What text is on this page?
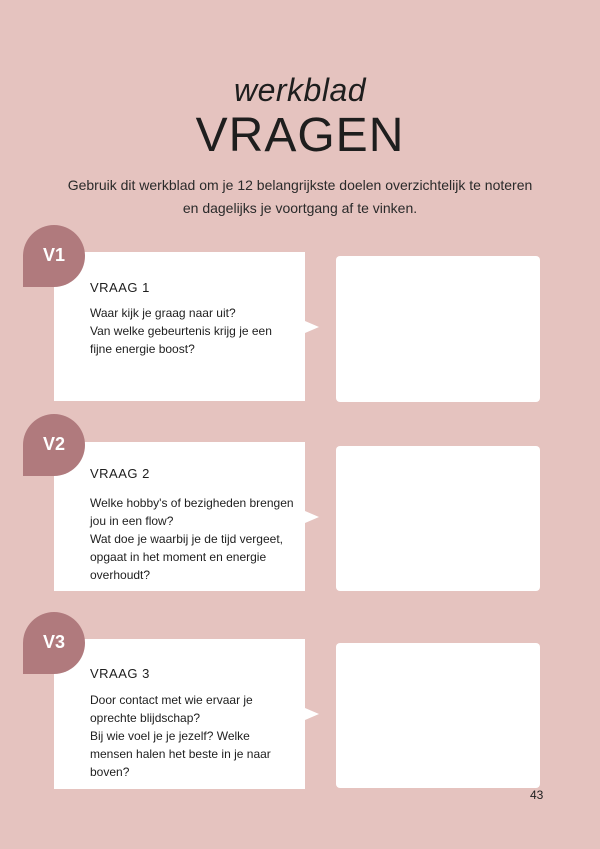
werkblad
VRAGEN
Gebruik dit werkblad om je 12 belangrijkste doelen overzichtelijk te noteren en dagelijks je voortgang af te vinken.
VRAAG 1
Waar kijk je graag naar uit?
Van welke gebeurtenis krijg je een fijne energie boost?
V1
VRAAG 2
Welke hobby's of bezigheden brengen jou in een flow?
Wat doe je waarbij je de tijd vergeet, opgaat in het moment en energie overhoudt?
V2
VRAAG 3
Door contact met wie ervaar je oprechte blijdschap?
Bij wie voel je je jezelf? Welke mensen halen het beste in je naar boven?
V3
43
